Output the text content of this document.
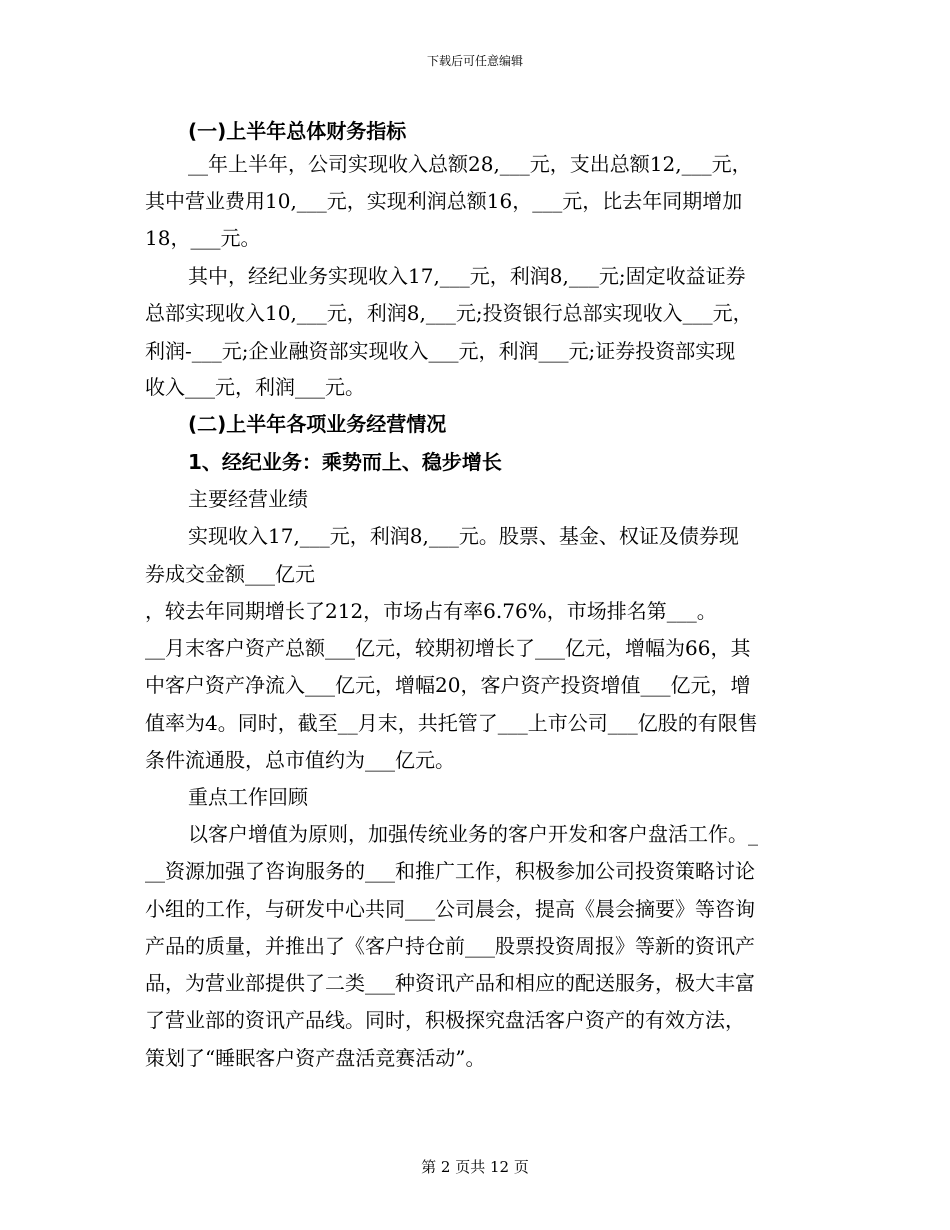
下载后可任意编辑
(一)上半年总体财务指标
__年上半年，公司实现收入总额28,___元，支出总额12,___元，
其中营业费用10,___元，实现利润总额16，___元，比去年同期增加
18，___元。
其中，经纪业务实现收入17,___元，利润8,___元;固定收益证券
总部实现收入10,___元，利润8,___元;投资银行总部实现收入___元，
利润-___元;企业融资部实现收入___元，利润___元;证券投资部实现
收入___元，利润___元。
(二)上半年各项业务经营情况
1、经纪业务：乘势而上、稳步增长
主要经营业绩
实现收入17,___元，利润8,___元。股票、基金、权证及债券现
券成交金额___亿元
，较去年同期增长了212，市场占有率6.76%，市场排名第___。
__月末客户资产总额___亿元，较期初增长了___亿元，增幅为66，其
中客户资产净流入___亿元，增幅20，客户资产投资增值___亿元，增
值率为4。同时，截至__月末，共托管了___上市公司___亿股的有限售
条件流通股，总市值约为___亿元。
重点工作回顾
以客户增值为原则，加强传统业务的客户开发和客户盘活工作。_
__资源加强了咨询服务的___和推广工作，积极参加公司投资策略讨论
小组的工作，与研发中心共同___公司晨会，提高《晨会摘要》等咨询
产品的质量，并推出了《客户持仓前___股票投资周报》等新的资讯产
品，为营业部提供了二类___种资讯产品和相应的配送服务，极大丰富
了营业部的资讯产品线。同时，积极探究盘活客户资产的有效方法，
策划了“睡眠客户资产盘活竞赛活动”。
第 2 页共 12 页
